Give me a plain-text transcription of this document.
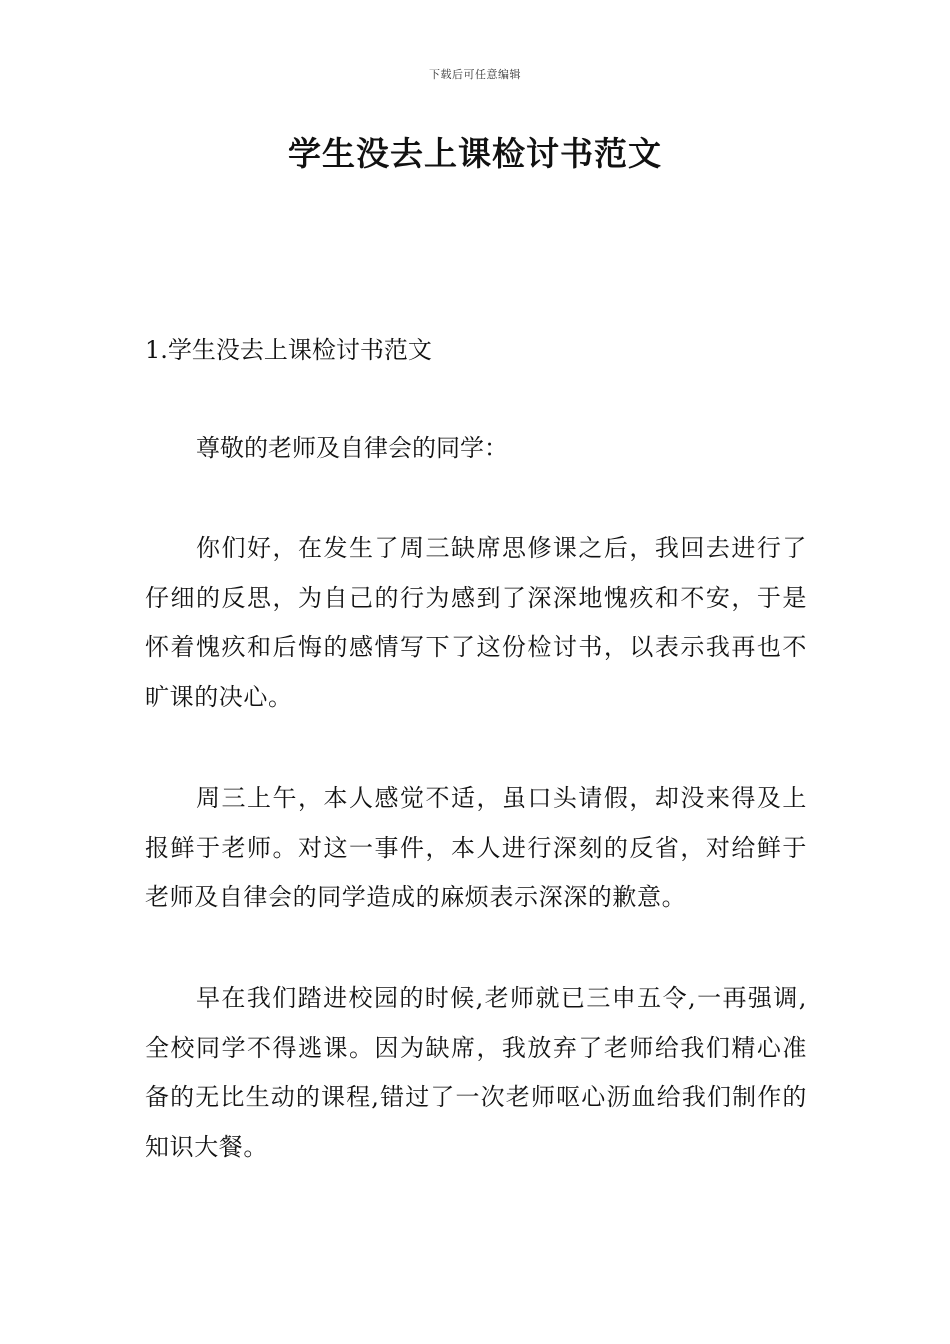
下载后可任意编辑
学生没去上课检讨书范文
1.学生没去上课检讨书范文
尊敬的老师及自律会的同学：
你们好，在发生了周三缺席思修课之后，我回去进行了仔细的反思，为自己的行为感到了深深地愧疚和不安，于是怀着愧疚和后悔的感情写下了这份检讨书，以表示我再也不旷课的决心。
周三上午，本人感觉不适，虽口头请假，却没来得及上报鲜于老师。对这一事件，本人进行深刻的反省，对给鲜于老师及自律会的同学造成的麻烦表示深深的歉意。
早在我们踏进校园的时候,老师就已三申五令,一再强调,全校同学不得逃课。因为缺席，我放弃了老师给我们精心准备的无比生动的课程,错过了一次老师呕心沥血给我们制作的知识大餐。
